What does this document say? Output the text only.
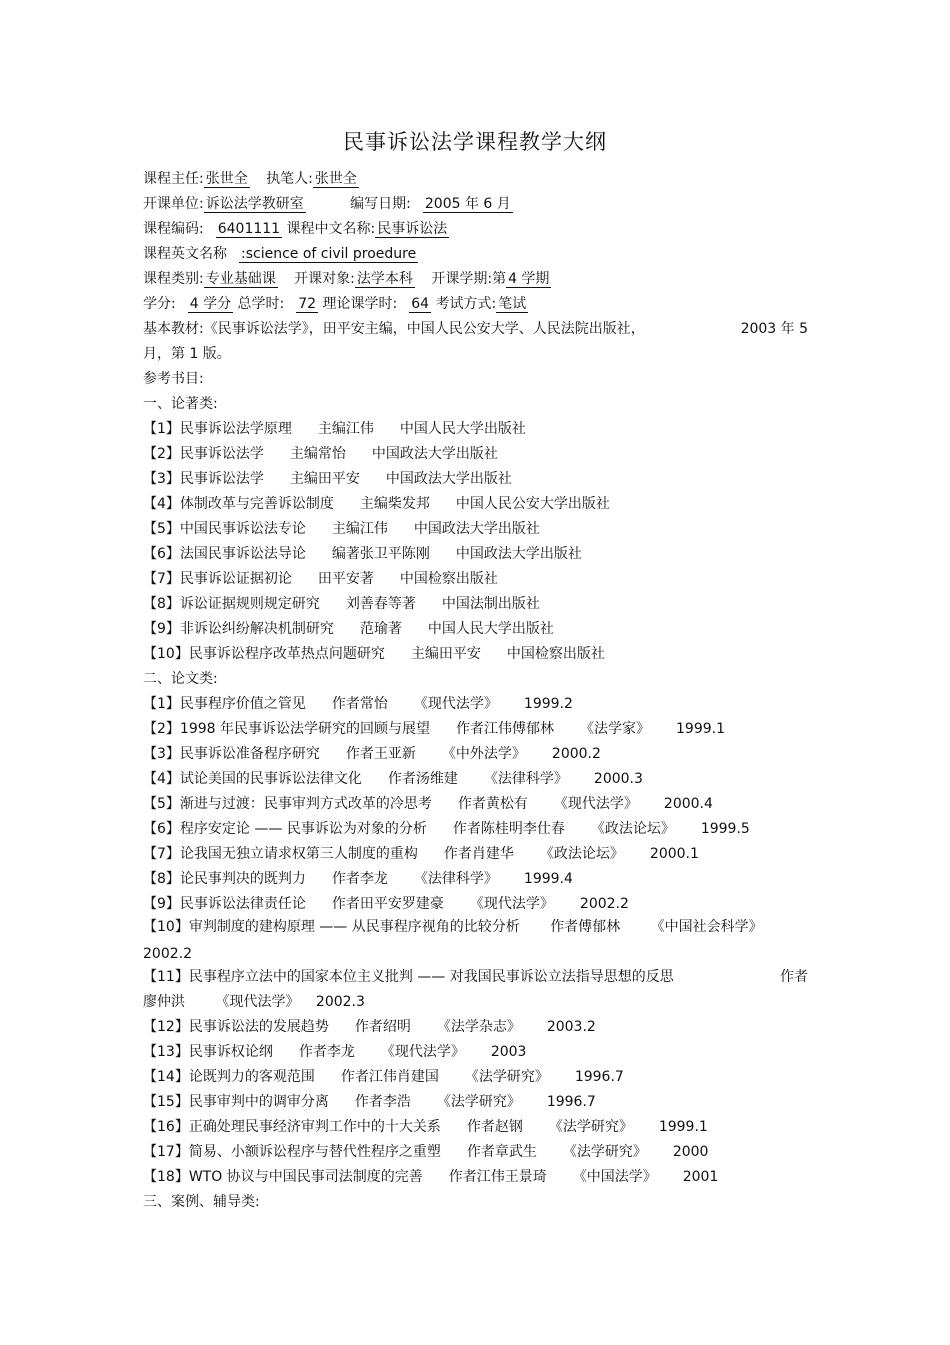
民事诉讼法学课程教学大纲
课程主任: 张世全 执笔人: 张世全
开课单位: 诉讼法学教研室	编写日期: 2005 年 6 月
课程编码: 6401111 课程中文名称: 民事诉讼法
课程英文名称 :science of civil proedure
课程类别: 专业基础课 开课对象: 法学本科 开课学期:第 4 学期
学分: 4 学分 总学时: 72 理论课学时: 64 考试方式: 笔试
基本教材:《民事诉讼法学》，田平安主编，中国人民公安大学、人民法院出版社，	2003 年 5
月，第 1 版。
参考书目:
一、论著类:
【1】民事诉讼法学原理 主编江伟 中国人民大学出版社
【2】民事诉讼法学 主编常怡 中国政法大学出版社
【3】民事诉讼法学 主编田平安 中国政法大学出版社
【4】体制改革与完善诉讼制度 主编柴发邦 中国人民公安大学出版社
【5】中国民事诉讼法专论 主编江伟 中国政法大学出版社
【6】法国民事诉讼法导论 编著张卫平陈刚 中国政法大学出版社
【7】民事诉讼证据初论 田平安著 中国检察出版社
【8】诉讼证据规则规定研究 刘善春等著 中国法制出版社
【9】非诉讼纠纷解决机制研究 范瑜著 中国人民大学出版社
【10】民事诉讼程序改革热点问题研究 主编田平安 中国检察出版社
二、论文类:
【1】民事程序价值之管见 作者常怡 《现代法学》 1999.2
【2】1998 年民事诉讼法学研究的回顾与展望 作者江伟傅郁林 《法学家》 1999.1
【3】民事诉讼准备程序研究 作者王亚新 《中外法学》 2000.2
【4】试论美国的民事诉讼法律文化 作者汤维建 《法律科学》 2000.3
【5】渐进与过渡：民事审判方式改革的冷思考 作者黄松有 《现代法学》 2000.4
【6】程序安定论 —— 民事诉讼为对象的分析 作者陈桂明李仕春 《政法论坛》 1999.5
【7】论我国无独立请求权第三人制度的重构 作者肖建华 《政法论坛》 2000.1
【8】论民事判决的既判力 作者李龙 《法律科学》 1999.4
【9】民事诉讼法律责任论 作者田平安罗建豪 《现代法学》 2002.2
【10】审判制度的建构原理 —— 从民事程序视角的比较分析 作者傅郁林 《中国社会科学》
2002.2
【11】民事程序立法中的国家本位主义批判 —— 对我国民事诉讼立法指导思想的反思	作者
廖仲洪 《现代法学》 2002.3
【12】民事诉讼法的发展趋势 作者绍明 《法学杂志》 2003.2
【13】民事诉权论纲 作者李龙 《现代法学》 2003
【14】论既判力的客观范围 作者江伟肖建国 《法学研究》 1996.7
【15】民事审判中的调审分离 作者李浩 《法学研究》 1996.7
【16】正确处理民事经济审判工作中的十大关系 作者赵钢 《法学研究》 1999.1
【17】简易、小额诉讼程序与替代性程序之重塑 作者章武生 《法学研究》 2000
【18】WTO 协议与中国民事司法制度的完善 作者江伟王景琦 《中国法学》 2001
三、案例、辅导类:
